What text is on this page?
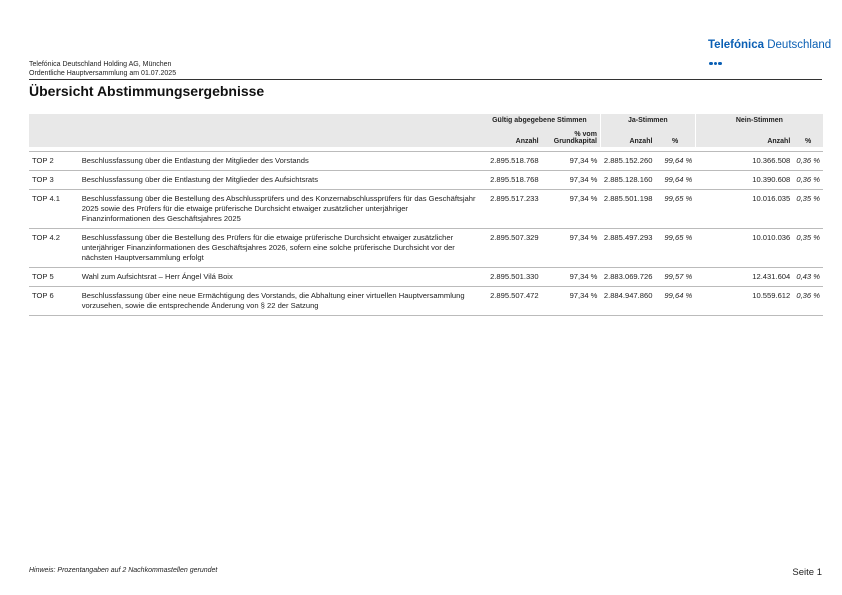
Telefónica Deutschland
Telefónica Deutschland Holding AG, München
Ordentliche Hauptversammlung am 01.07.2025
Übersicht Abstimmungsergebnisse
		Gültig abgegebene Stimmen		Ja-Stimmen		Nein-Stimmen	
		Anzahl	% vom Grundkapital	Anzahl	%	Anzahl	%

TOP 2	Beschlussfassung über die Entlastung der Mitglieder des Vorstands	2.895.518.768	97,34 %	2.885.152.260	99,64 %	10.366.508	0,36 %
TOP 3	Beschlussfassung über die Entlastung der Mitglieder des Aufsichtsrats	2.895.518.768	97,34 %	2.885.128.160	99,64 %	10.390.608	0,36 %
TOP 4.1	Beschlussfassung über die Bestellung des Abschlussprüfers und des Konzernabschlussprüfers für das Geschäftsjahr 2025 sowie des Prüfers für die etwaige prüferische Durchsicht etwaiger zusätzlicher unterjähriger Finanzinformationen des Geschäftsjahres 2025	2.895.517.233	97,34 %	2.885.501.198	99,65 %	10.016.035	0,35 %
TOP 4.2	Beschlussfassung über die Bestellung des Prüfers für die etwaige prüferische Durchsicht etwaiger zusätzlicher unterjähriger Finanzinformationen des Geschäftsjahres 2026, sofern eine solche prüferische Durchsicht vor der nächsten Hauptversammlung erfolgt	2.895.507.329	97,34 %	2.885.497.293	99,65 %	10.010.036	0,35 %
TOP 5	Wahl zum Aufsichtsrat – Herr Ángel Vilá Boix	2.895.501.330	97,34 %	2.883.069.726	99,57 %	12.431.604	0,43 %
TOP 6	Beschlussfassung über eine neue Ermächtigung des Vorstands, die Abhaltung einer virtuellen Hauptversammlung vorzusehen, sowie die entsprechende Änderung von § 22 der Satzung	2.895.507.472	97,34 %	2.884.947.860	99,64 %	10.559.612	0,36 %
Hinweis: Prozentangaben auf 2 Nachkommastellen gerundet	Seite 1
